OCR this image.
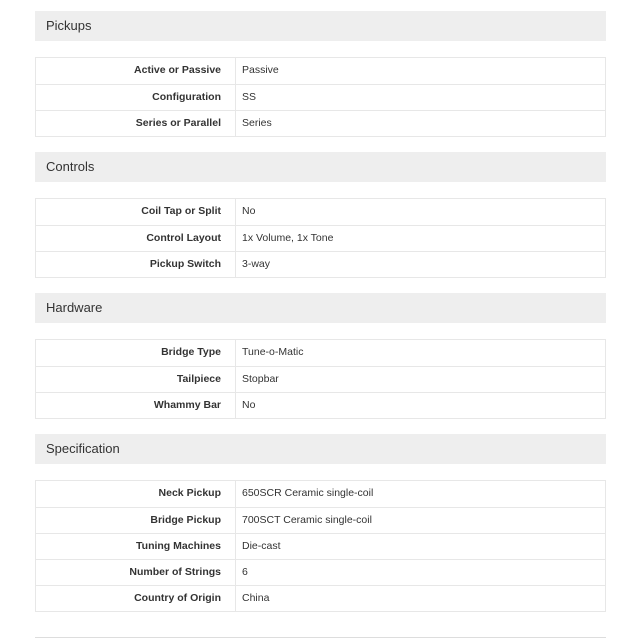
Pickups
Active or Passive	Passive
Configuration	SS
Series or Parallel	Series
Controls
Coil Tap or Split	No
Control Layout	1x Volume, 1x Tone
Pickup Switch	3-way
Hardware
Bridge Type	Tune-o-Matic
Tailpiece	Stopbar
Whammy Bar	No
Specification
Neck Pickup	650SCR Ceramic single-coil
Bridge Pickup	700SCT Ceramic single-coil
Tuning Machines	Die-cast
Number of Strings	6
Country of Origin	China
